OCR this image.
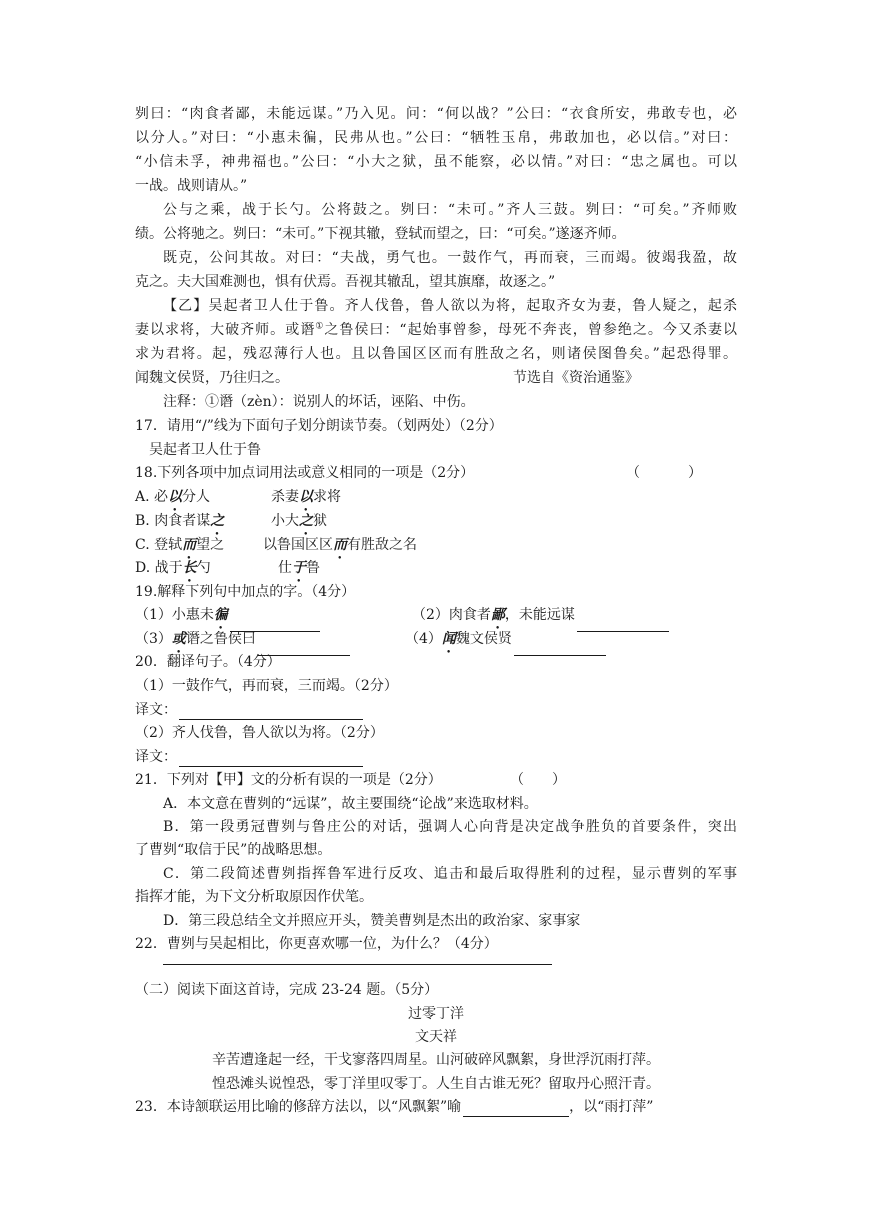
刿曰：“肉食者鄙，未能远谋。”乃入见。问：“何以战？”公曰：“衣食所安，弗敢专也，必
以分人。”对曰：“小惠未徧，民弗从也。”公曰：“牺牲玉帛，弗敢加也，必以信。”对曰：
“小信未孚，神弗福也。”公曰：“小大之狱，虽不能察，必以情。”对曰：“忠之属也。可以
一战。战则请从。”
公与之乘，战于长勺。公将鼓之。刿曰：“未可。”齐人三鼓。刿曰：“可矣。”齐师败
绩。公将驰之。刿曰：“未可。”下视其辙，登轼而望之，曰：“可矣。”遂逐齐师。
既克，公问其故。对曰：“夫战，勇气也。一鼓作气，再而衰，三而竭。彼竭我盈，故
克之。夫大国难测也，惧有伏焉。吾视其辙乱，望其旗靡，故逐之。”
【乙】吴起者卫人仕于鲁。齐人伐鲁，鲁人欲以为将，起取齐女为妻，鲁人疑之，起杀
妻以求将，大破齐师。或谮①之鲁侯曰：“起始事曾参，母死不奔丧，曾参绝之。今又杀妻以
求为君将。起，残忍薄行人也。且以鲁国区区而有胜敌之名，则诸侯图鲁矣。”起恐得罪。
闻魏文侯贤，乃往归之。	节选自《资治通鉴》
注释：①谮（zèn）：说别人的坏话，诬陷、中伤。
17．请用“/”线为下面句子划分朗读节奏。（划两处）（2分）
吴起者卫人仕于鲁
18.下列各项中加点词用法或意义相同的一项是（2分）	（	）
A. 必以分人	杀妻以求将
B. 肉食者谋之	小大之狱
C. 登轼而望之	以鲁国区区而有胜敌之名
D. 战于长勺	仕于鲁
19.解释下列句中加点的字。（4分）
（1）小惠未徧	（2）肉食者鄙，未能远谋
（3）或谮之鲁侯曰	（4）闻魏文侯贤
20．翻译句子。（4分）
（1）一鼓作气，再而衰，三而竭。（2分）
译文：
（2）齐人伐鲁，鲁人欲以为将。（2分）
译文：
21．下列对【甲】文的分析有误的一项是（2分）	（　　）
A．本文意在曹刿的“远谋”，故主要围绕“论战”来选取材料。
B．第一段勇冠曹刿与鲁庄公的对话，强调人心向背是决定战争胜负的首要条件，突出
了曹刿“取信于民”的战略思想。
C．第二段简述曹刿指挥鲁军进行反攻、追击和最后取得胜利的过程，显示曹刿的军事
指挥才能，为下文分析取原因作伏笔。
D．第三段总结全文并照应开头，赞美曹刿是杰出的政治家、家事家
22．曹刿与吴起相比，你更喜欢哪一位，为什么？（4分）
（二）阅读下面这首诗，完成 23-24 题。（5分）
过零丁洋
文天祥
辛苦遭逢起一经，干戈寥落四周星。山河破碎风飘絮，身世浮沉雨打萍。
惶恐滩头说惶恐，零丁洋里叹零丁。人生自古谁无死？留取丹心照汗青。
23．本诗颔联运用比喻的修辞方法以，以“风飘絮”喻	，以“雨打萍”
